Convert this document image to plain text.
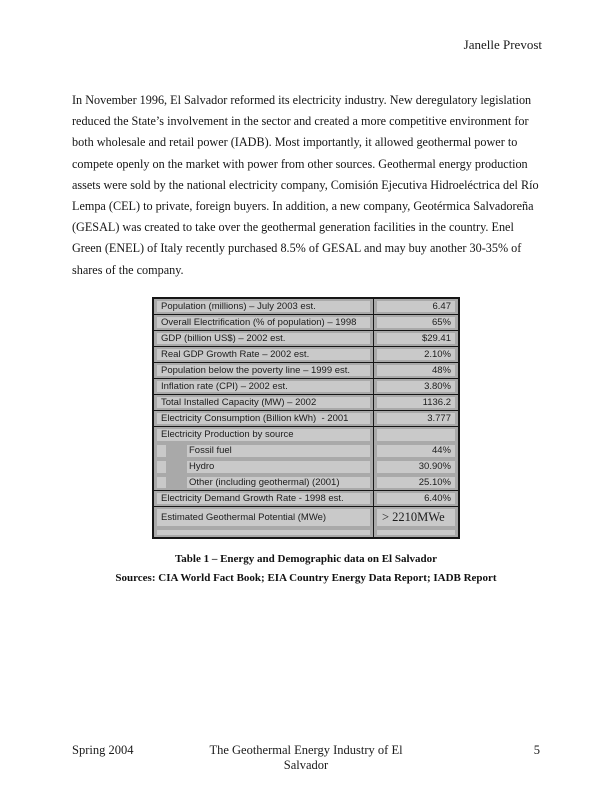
Janelle Prevost
In November 1996, El Salvador reformed its electricity industry. New deregulatory legislation
reduced the State’s involvement in the sector and created a more competitive environment for
both wholesale and retail power (IADB). Most importantly, it allowed geothermal power to
compete openly on the market with power from other sources. Geothermal energy production
assets were sold by the national electricity company, Comisión Ejecutiva Hidroeléctrica del Río
Lempa (CEL) to private, foreign buyers. In addition, a new company, Geotérmica Salvadoreña
(GESAL) was created to take over the geothermal generation facilities in the country. Enel
Green (ENEL) of Italy recently purchased 8.5% of GESAL and may buy another 30-35% of
shares of the company.
Population (millions) – July 2003 est.	6.47
Overall Electrification (% of population) – 1998	65%
GDP (billion US$) – 2002 est.	$29.41
Real GDP Growth Rate – 2002 est.	2.10%
Population below the poverty line – 1999 est.	48%
Inflation rate (CPI) – 2002 est.	3.80%
Total Installed Capacity (MW) – 2002	1136.2
Electricity Consumption (Billion kWh)  - 2001	3.777
Electricity Production by source
Fossil fuel	44%
Hydro	30.90%
Other (including geothermal) (2001)	25.10%
Electricity Demand Growth Rate - 1998 est.	6.40%
Estimated Geothermal Potential (MWe)	> 2210MWe
Table 1 – Energy and Demographic data on El Salvador
Sources: CIA World Fact Book; EIA Country Energy Data Report; IADB Report
Spring 2004	The Geothermal Energy Industry of El Salvador
5
